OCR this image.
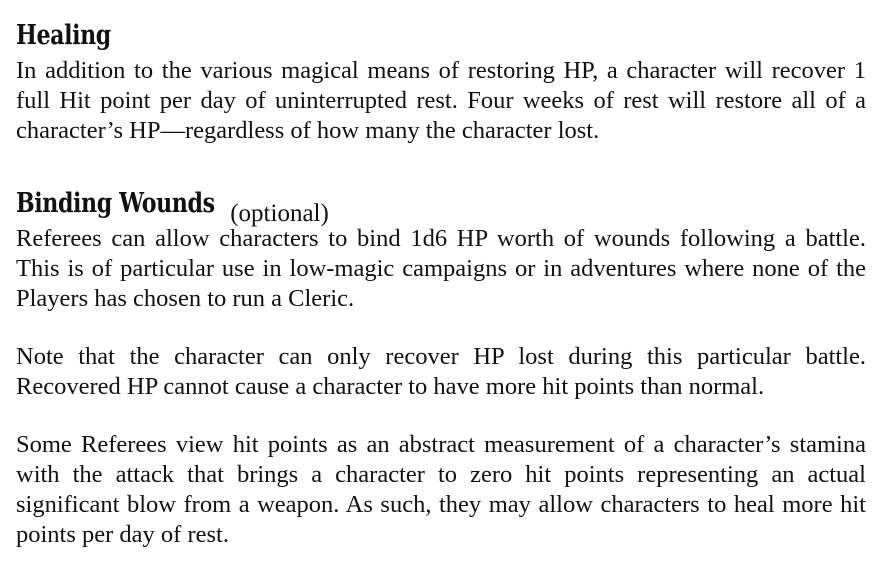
Healing

In addition to the various magical means of restoring HP, a character will recover 1 full Hit point per day of uninterrupted rest. Four weeks of rest will restore all of a character’s HP—regardless of how many the character lost.

Binding Wounds (optional)

Referees can allow characters to bind 1d6 HP worth of wounds following a battle. This is of particular use in low-magic campaigns or in adventures where none of the Players has chosen to run a Cleric.

Note that the character can only recover HP lost during this particular battle. Recovered HP cannot cause a character to have more hit points than normal.

Some Referees view hit points as an abstract measurement of a character’s stamina with the attack that brings a character to zero hit points representing an actual significant blow from a weapon. As such, they may allow characters to heal more hit points per day of rest.
